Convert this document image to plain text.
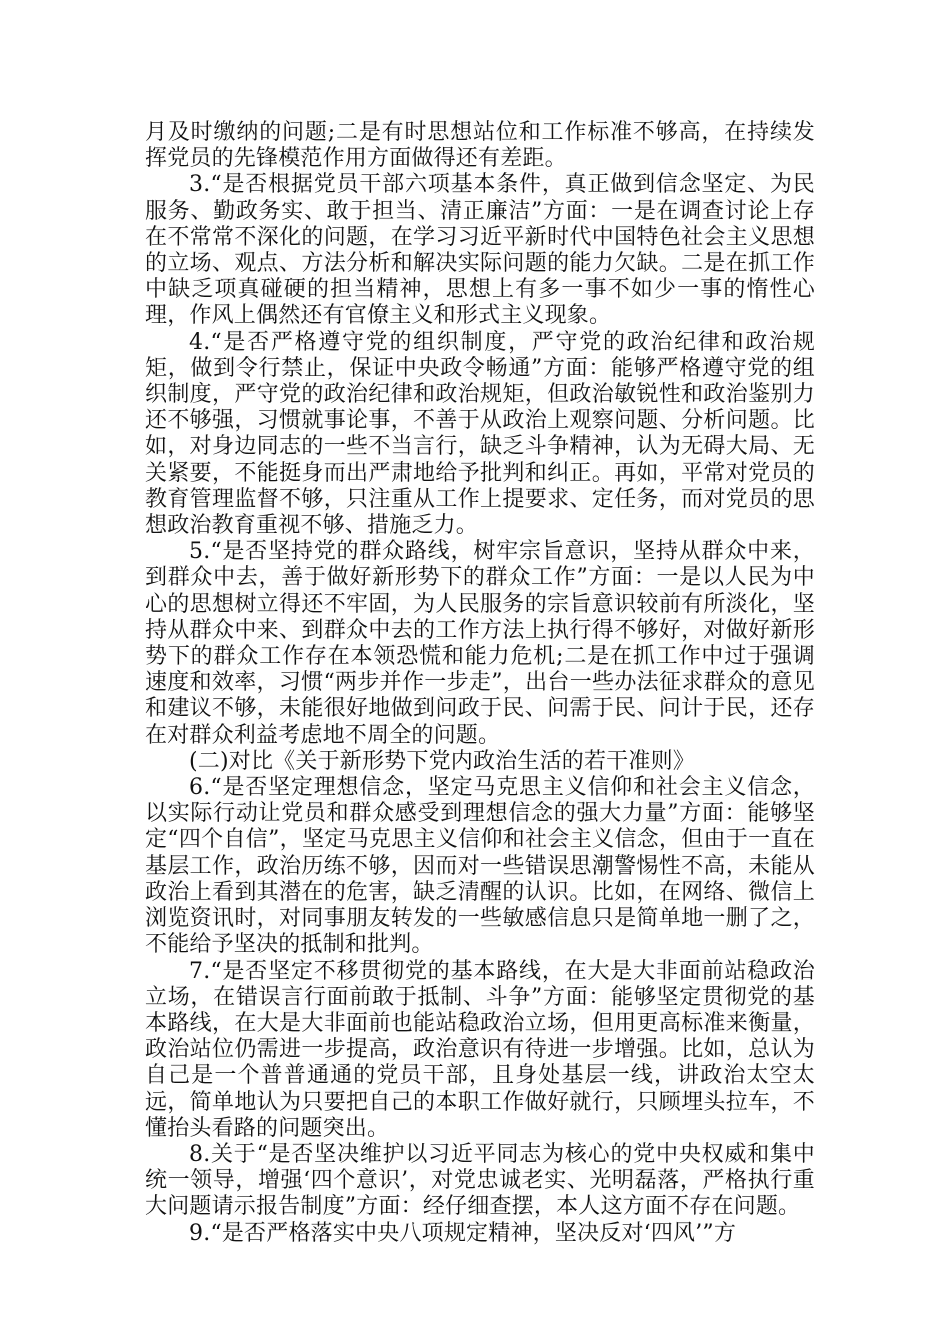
月及时缴纳的问题;二是有时思想站位和工作标准不够高，在持续发挥党员的先锋模范作用方面做得还有差距。

3.“是否根据党员干部六项基本条件，真正做到信念坚定、为民服务、勤政务实、敢于担当、清正廉洁”方面：一是在调查讨论上存在不常常不深化的问题，在学习习近平新时代中国特色社会主义思想的立场、观点、方法分析和解决实际问题的能力欠缺。二是在抓工作中缺乏项真碰硬的担当精神，思想上有多一事不如少一事的惰性心理，作风上偶然还有官僚主义和形式主义现象。

4.“是否严格遵守党的组织制度，严守党的政治纪律和政治规矩，做到令行禁止，保证中央政令畅通”方面：能够严格遵守党的组织制度，严守党的政治纪律和政治规矩，但政治敏锐性和政治鉴别力还不够强，习惯就事论事，不善于从政治上观察问题、分析问题。比如，对身边同志的一些不当言行，缺乏斗争精神，认为无碍大局、无关紧要，不能挺身而出严肃地给予批判和纠正。再如，平常对党员的教育管理监督不够，只注重从工作上提要求、定任务，而对党员的思想政治教育重视不够、措施乏力。

5.“是否坚持党的群众路线，树牢宗旨意识，坚持从群众中来，到群众中去，善于做好新形势下的群众工作”方面：一是以人民为中心的思想树立得还不牢固，为人民服务的宗旨意识较前有所淡化，坚持从群众中来、到群众中去的工作方法上执行得不够好，对做好新形势下的群众工作存在本领恐慌和能力危机;二是在抓工作中过于强调速度和效率，习惯“两步并作一步走”，出台一些办法征求群众的意见和建议不够，未能很好地做到问政于民、问需于民、问计于民，还存在对群众利益考虑地不周全的问题。

(二)对比《关于新形势下党内政治生活的若干准则》

6.“是否坚定理想信念，坚定马克思主义信仰和社会主义信念，以实际行动让党员和群众感受到理想信念的强大力量”方面：能够坚定“四个自信”，坚定马克思主义信仰和社会主义信念，但由于一直在基层工作，政治历练不够，因而对一些错误思潮警惕性不高，未能从政治上看到其潜在的危害，缺乏清醒的认识。比如，在网络、微信上浏览资讯时，对同事朋友转发的一些敏感信息只是简单地一删了之，不能给予坚决的抵制和批判。

7.“是否坚定不移贯彻党的基本路线，在大是大非面前站稳政治立场，在错误言行面前敢于抵制、斗争”方面：能够坚定贯彻党的基本路线，在大是大非面前也能站稳政治立场，但用更高标准来衡量，政治站位仍需进一步提高，政治意识有待进一步增强。比如，总认为自己是一个普普通通的党员干部，且身处基层一线，讲政治太空太远，简单地认为只要把自己的本职工作做好就行，只顾埋头拉车，不懂抬头看路的问题突出。

8.关于“是否坚决维护以习近平同志为核心的党中央权威和集中统一领导，增强‘四个意识’，对党忠诚老实、光明磊落，严格执行重大问题请示报告制度”方面：经仔细查摆，本人这方面不存在问题。

9.“是否严格落实中央八项规定精神，坚决反对‘四风’”方
